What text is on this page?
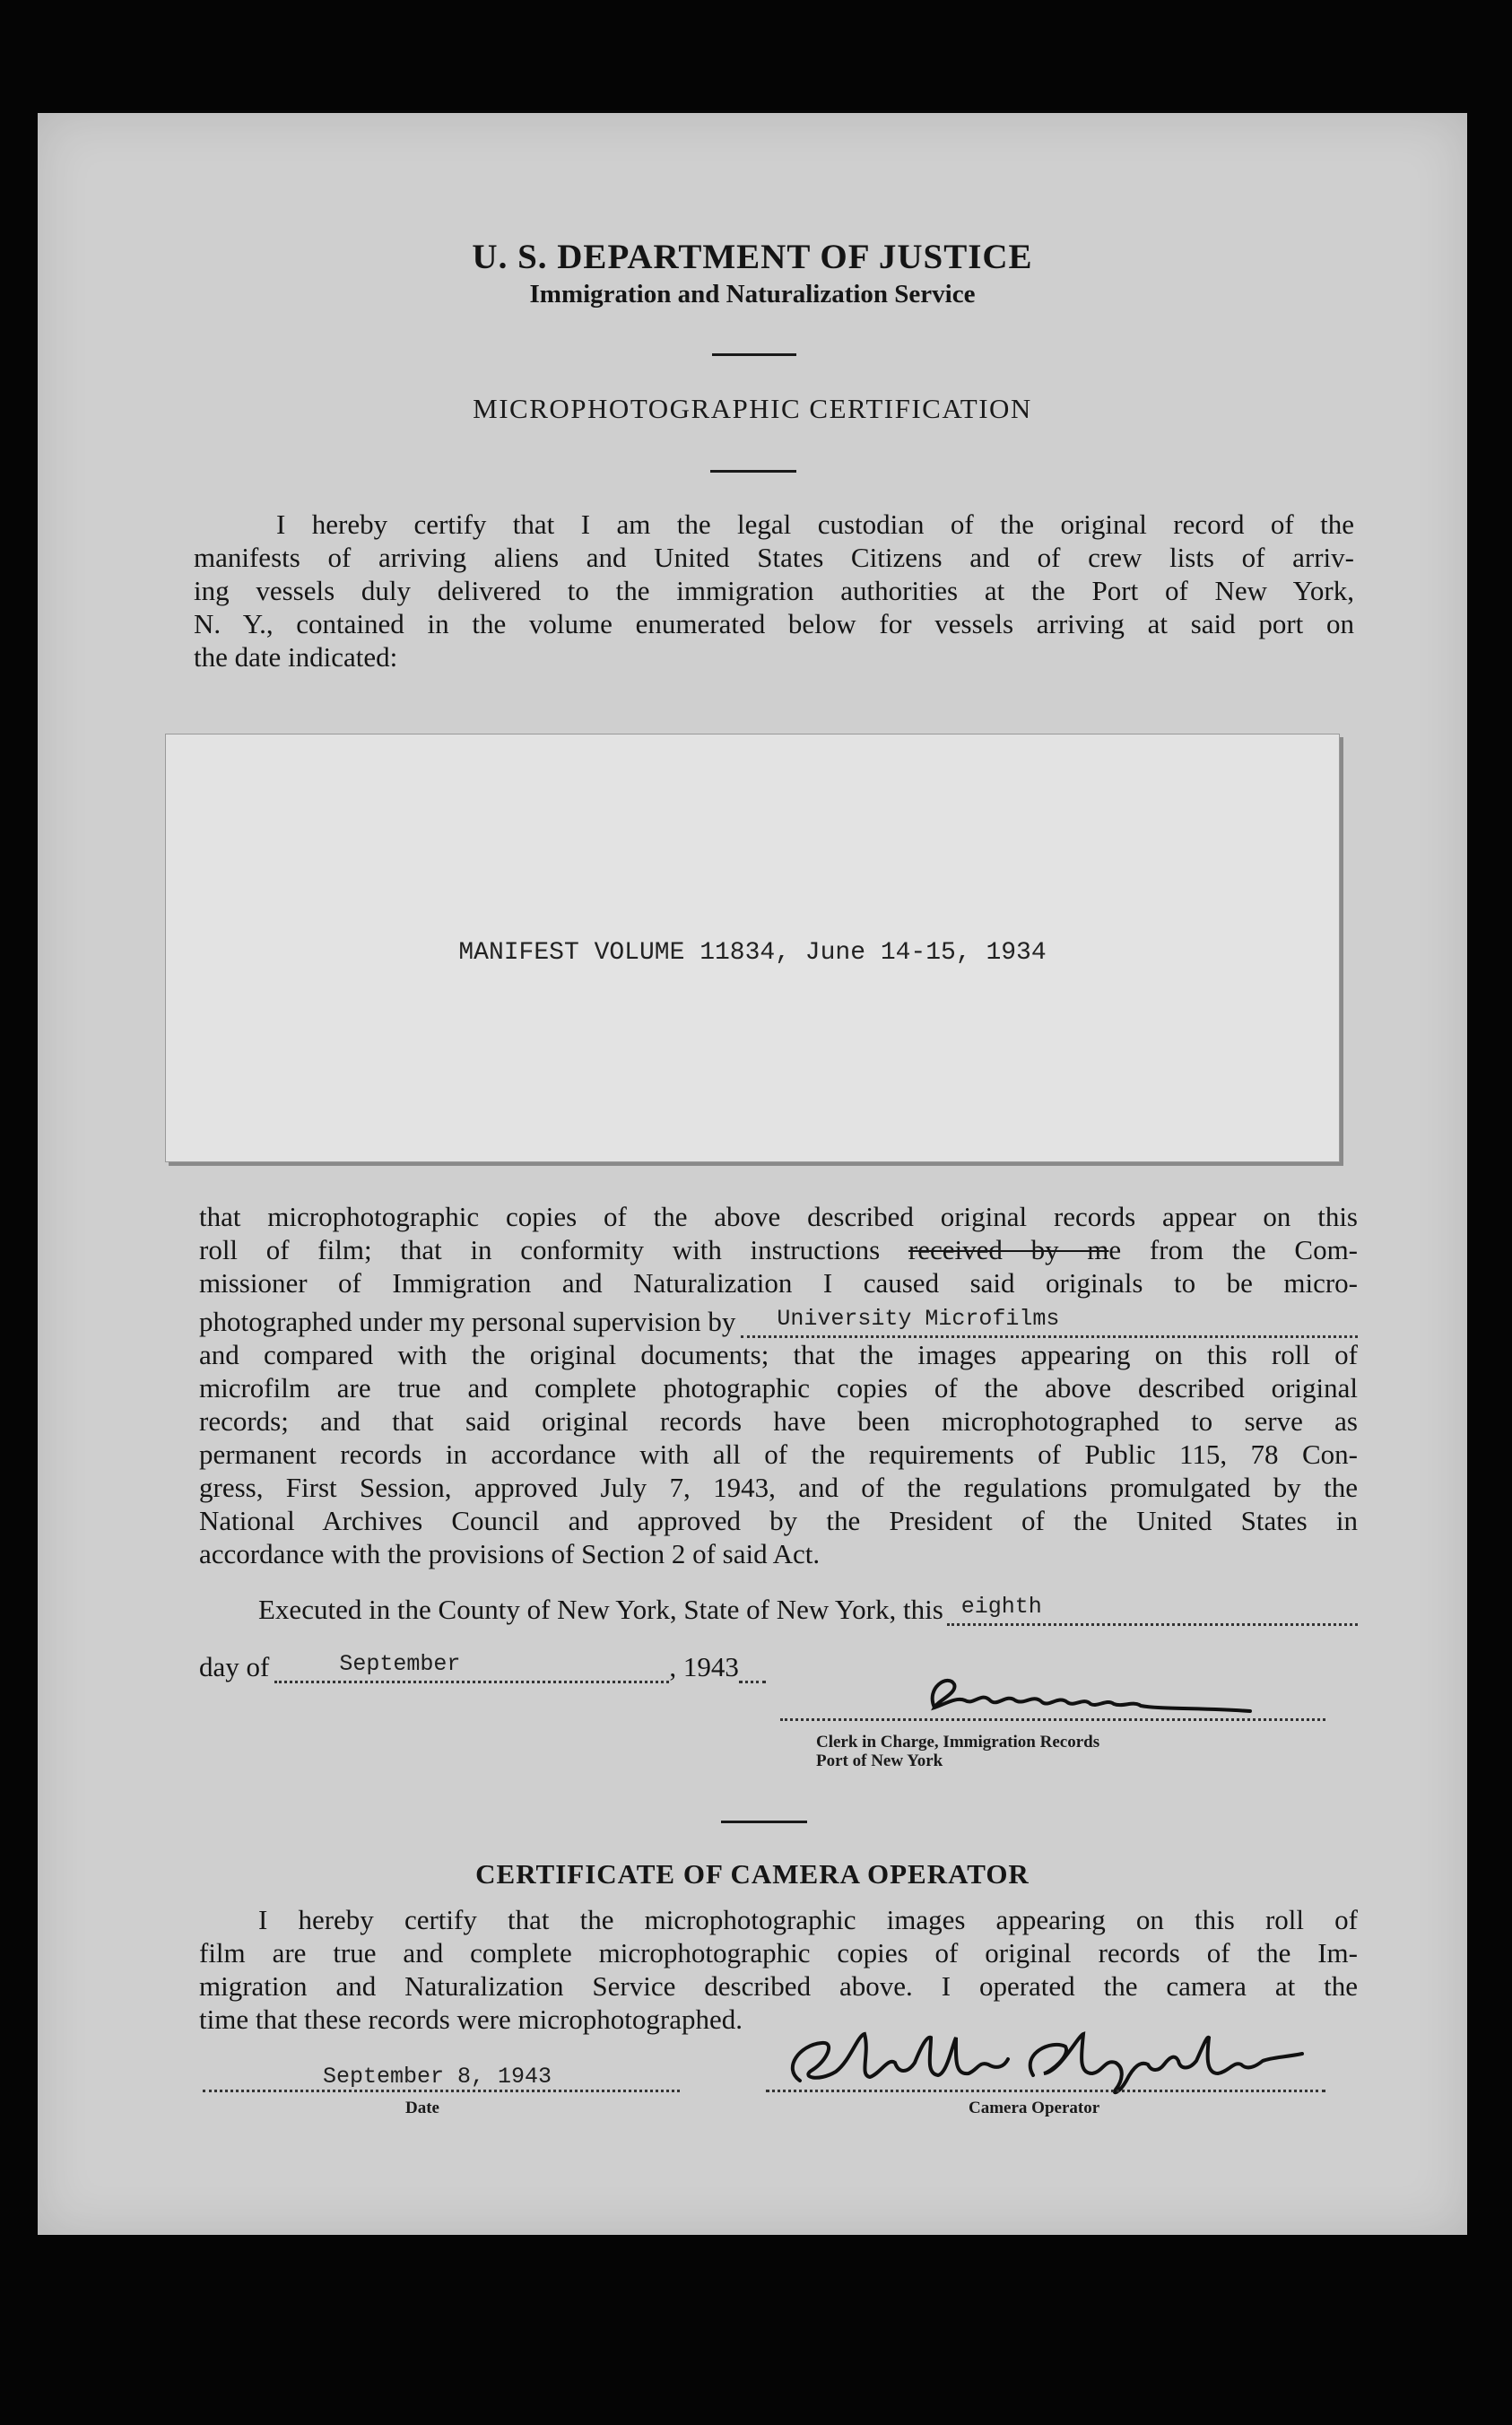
U. S. DEPARTMENT OF JUSTICE
Immigration and Naturalization Service
MICROPHOTOGRAPHIC CERTIFICATION
I hereby certify that I am the legal custodian of the original record of the
manifests of arriving aliens and United States Citizens and of crew lists of arriv-
ing vessels duly delivered to the immigration authorities at the Port of New York,
N. Y., contained in the volume enumerated below for vessels arriving at said port on
the date indicated:
MANIFEST VOLUME 11834, June 14-15, 1934
that microphotographic copies of the above described original records appear on this
roll of film; that in conformity with instructions received by me from the Com-
missioner of Immigration and Naturalization I caused said originals to be micro-
photographed under my personal supervision by University Microfilms
and compared with the original documents; that the images appearing on this roll of
microfilm are true and complete photographic copies of the above described original
records; and that said original records have been microphotographed to serve as
permanent records in accordance with all of the requirements of Public 115, 78 Con-
gress, First Session, approved July 7, 1943, and of the regulations promulgated by the
National Archives Council and approved by the President of the United States in
accordance with the provisions of Section 2 of said Act.
Executed in the County of New York, State of New York, this eighth
day of	September	, 194 3
Clerk in Charge, Immigration Records
Port of New York
CERTIFICATE OF CAMERA OPERATOR
I hereby certify that the microphotographic images appearing on this roll of
film are true and complete microphotographic copies of original records of the Im-
migration and Naturalization Service described above. I operated the camera at the
time that these records were microphotographed.
September 8, 1943
Date	Camera Operator
